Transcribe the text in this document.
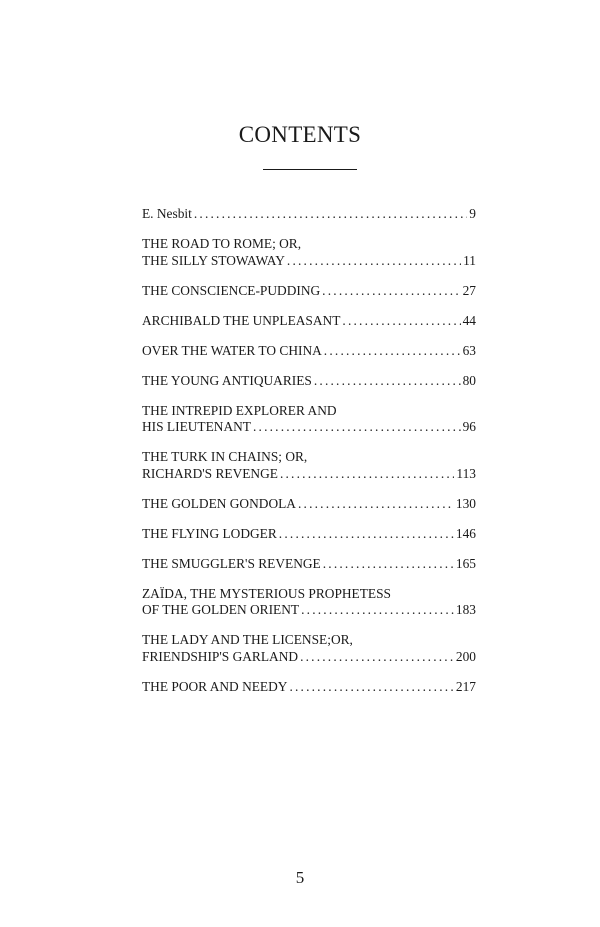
CONTENTS
E. Nesbit .....	9
THE ROAD TO ROME; OR,
THE SILLY STOWAWAY .....	11
THE CONSCIENCE-PUDDING .....	27
ARCHIBALD THE UNPLEASANT .....	44
OVER THE WATER TO CHINA .....	63
THE YOUNG ANTIQUARIES .....	80
THE INTREPID EXPLORER AND
HIS LIEUTENANT .....	96
THE TURK IN CHAINS; OR,
RICHARD'S REVENGE .....	113
THE GOLDEN GONDOLA .....	130
THE FLYING LODGER .....	146
THE SMUGGLER'S REVENGE .....	165
ZAÏDA, THE MYSTERIOUS PROPHETESS
OF THE GOLDEN ORIENT .....	183
THE LADY AND THE LICENSE;OR,
FRIENDSHIP'S GARLAND .....	200
THE POOR AND NEEDY .....	217
5
